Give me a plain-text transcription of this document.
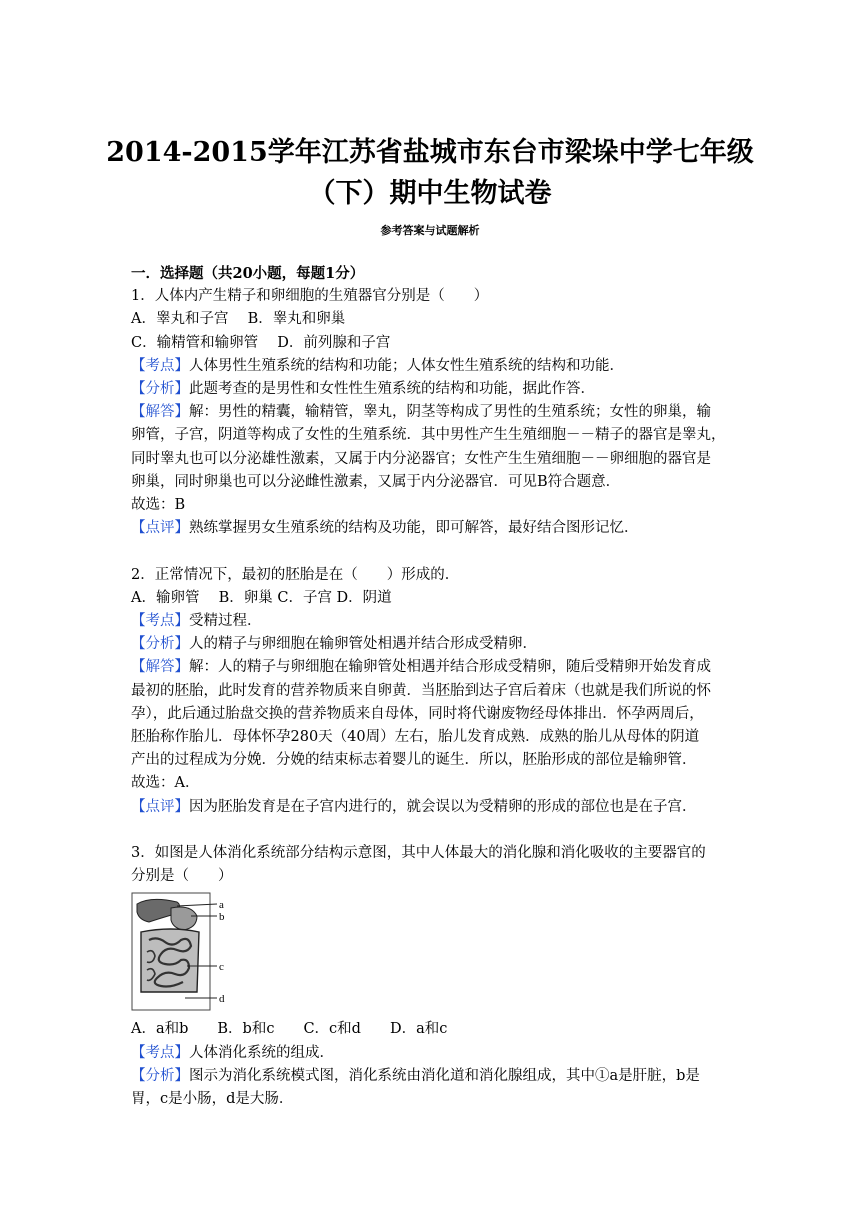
2014-2015学年江苏省盐城市东台市梁垛中学七年级
（下）期中生物试卷
参考答案与试题解析
一．选择题（共20小题，每题1分）
1．人体内产生精子和卵细胞的生殖器官分别是（　　）
A．睾丸和子宫　 B．睾丸和卵巢
C．输精管和输卵管　 D．前列腺和子宫
【考点】人体男性生殖系统的结构和功能；人体女性生殖系统的结构和功能．
【分析】此题考查的是男性和女性性生殖系统的结构和功能，据此作答．
【解答】解：男性的精囊，输精管，睾丸，阴茎等构成了男性的生殖系统；女性的卵巢，输
卵管，子宫，阴道等构成了女性的生殖系统．其中男性产生生殖细胞－－精子的器官是睾丸，
同时睾丸也可以分泌雄性激素，又属于内分泌器官；女性产生生殖细胞－－卵细胞的器官是
卵巢，同时卵巢也可以分泌雌性激素，又属于内分泌器官．可见B符合题意．
故选：B
【点评】熟练掌握男女生殖系统的结构及功能，即可解答，最好结合图形记忆．
2．正常情况下，最初的胚胎是在（　　）形成的．
A．输卵管　 B．卵巢 C．子宫 D．阴道
【考点】受精过程．
【分析】人的精子与卵细胞在输卵管处相遇并结合形成受精卵．
【解答】解：人的精子与卵细胞在输卵管处相遇并结合形成受精卵，随后受精卵开始发育成
最初的胚胎，此时发育的营养物质来自卵黄．当胚胎到达子宫后着床（也就是我们所说的怀
孕），此后通过胎盘交换的营养物质来自母体，同时将代谢废物经母体排出．怀孕两周后，
胚胎称作胎儿．母体怀孕280天（40周）左右，胎儿发育成熟．成熟的胎儿从母体的阴道
产出的过程成为分娩．分娩的结束标志着婴儿的诞生．所以，胚胎形成的部位是输卵管．
故选：A．
【点评】因为胚胎发育是在子宫内进行的，就会误以为受精卵的形成的部位也是在子宫．
3．如图是人体消化系统部分结构示意图，其中人体最大的消化腺和消化吸收的主要器官的
分别是（　　）
a
b
c
d
A．a和b　　B．b和c　　C．c和d　　D．a和c
【考点】人体消化系统的组成．
【分析】图示为消化系统模式图，消化系统由消化道和消化腺组成，其中①a是肝脏，b是
胃，c是小肠，d是大肠．
